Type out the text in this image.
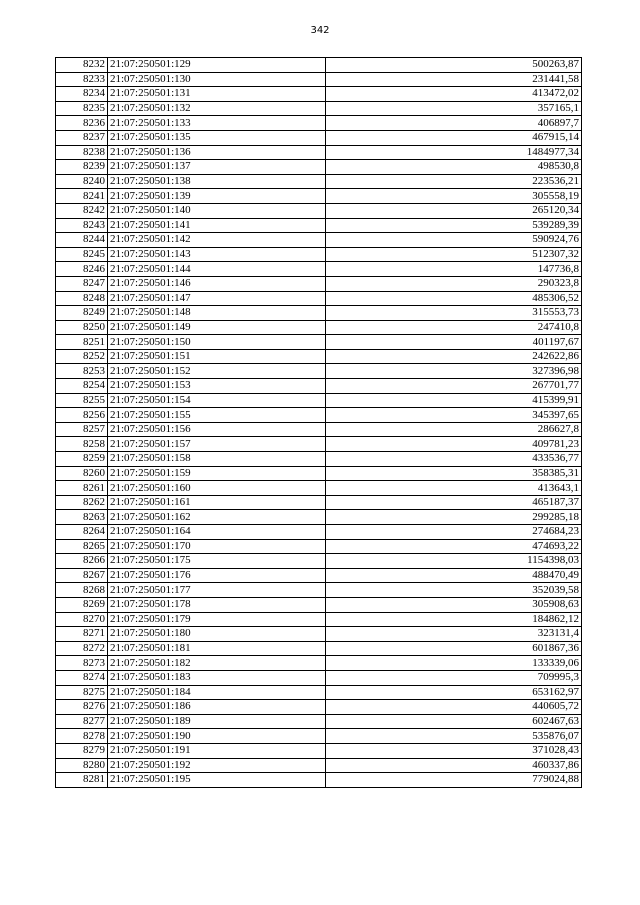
342
8232	21:07:250501:129	500263,87
8233	21:07:250501:130	231441,58
8234	21:07:250501:131	413472,02
8235	21:07:250501:132	357165,1
8236	21:07:250501:133	406897,7
8237	21:07:250501:135	467915,14
8238	21:07:250501:136	1484977,34
8239	21:07:250501:137	498530,8
8240	21:07:250501:138	223536,21
8241	21:07:250501:139	305558,19
8242	21:07:250501:140	265120,34
8243	21:07:250501:141	539289,39
8244	21:07:250501:142	590924,76
8245	21:07:250501:143	512307,32
8246	21:07:250501:144	147736,8
8247	21:07:250501:146	290323,8
8248	21:07:250501:147	485306,52
8249	21:07:250501:148	315553,73
8250	21:07:250501:149	247410,8
8251	21:07:250501:150	401197,67
8252	21:07:250501:151	242622,86
8253	21:07:250501:152	327396,98
8254	21:07:250501:153	267701,77
8255	21:07:250501:154	415399,91
8256	21:07:250501:155	345397,65
8257	21:07:250501:156	286627,8
8258	21:07:250501:157	409781,23
8259	21:07:250501:158	433536,77
8260	21:07:250501:159	358385,31
8261	21:07:250501:160	413643,1
8262	21:07:250501:161	465187,37
8263	21:07:250501:162	299285,18
8264	21:07:250501:164	274684,23
8265	21:07:250501:170	474693,22
8266	21:07:250501:175	1154398,03
8267	21:07:250501:176	488470,49
8268	21:07:250501:177	352039,58
8269	21:07:250501:178	305908,63
8270	21:07:250501:179	184862,12
8271	21:07:250501:180	323131,4
8272	21:07:250501:181	601867,36
8273	21:07:250501:182	133339,06
8274	21:07:250501:183	709995,3
8275	21:07:250501:184	653162,97
8276	21:07:250501:186	440605,72
8277	21:07:250501:189	602467,63
8278	21:07:250501:190	535876,07
8279	21:07:250501:191	371028,43
8280	21:07:250501:192	460337,86
8281	21:07:250501:195	779024,88
